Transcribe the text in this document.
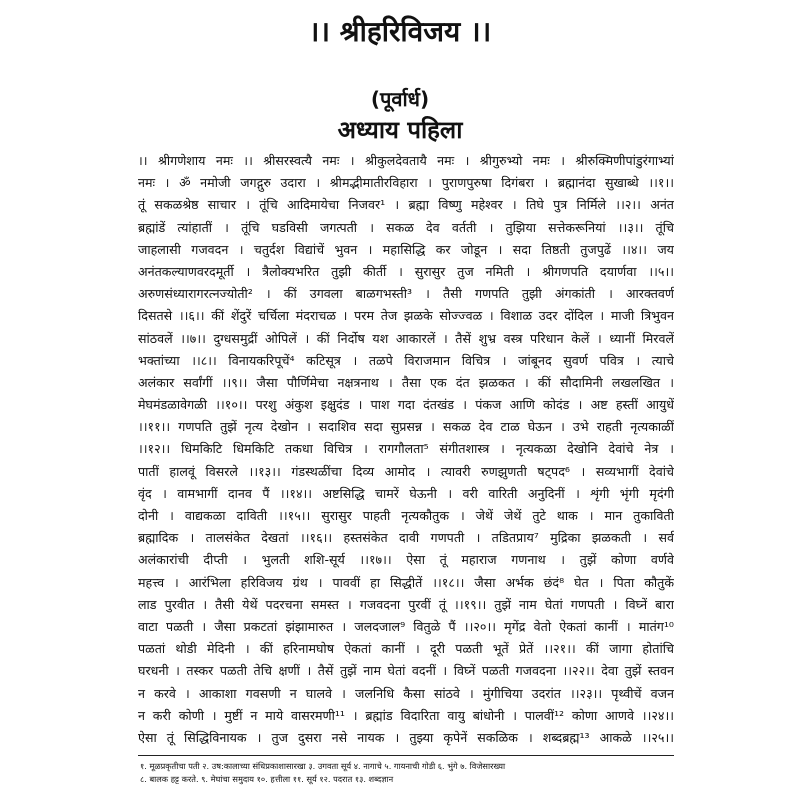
।। श्रीहरिविजय ।।
(पूर्वार्ध)
अध्याय पहिला
।। श्रीगणेशाय नमः ।। श्रीसरस्वत्यै नमः । श्रीकुलदेवतायै नमः । श्रीगुरुभ्यो नमः । श्रीरुक्मिणीपांडुरंगाभ्यां
नमः । ॐ नमोजी जगद्गुरु उदारा । श्रीमद्भीमातीरविहारा । पुराणपुरुषा दिगंबरा । ब्रह्मानंदा सुखाब्धे ।।१।।
तूं सकळश्रेष्ठ साचार । तूंचि आदिमायेचा निजवर¹ । ब्रह्मा विष्णु महेश्वर । तिघे पुत्र निर्मिले ।।२।। अनंत
ब्रह्मांडें त्यांहातीं । तूंचि घडविसी जगत्पती । सकळ देव वर्तती । तुझिया सत्तेकरूनियां ।।३।। तूंचि
जाहलासी गजवदन । चतुर्दश विद्यांचें भुवन । महासिद्धि कर जोडून । सदा तिष्ठती तुजपुढें ।।४।। जय
अनंतकल्याणवरदमूर्ती । त्रैलोक्यभरित तुझी कीर्ती । सुरासुर तुज नमिती । श्रीगणपति दयार्णवा ।।५।।
अरुणसंध्यारागरत्नज्योती² । कीं उगवला बाळगभस्ती³ । तैसी गणपति तुझी अंगकांती । आरक्तवर्ण
दिसतसे ।।६।। कीं शेंदुरें चर्चिला मंदराचळ । परम तेज झळके सोज्ज्वळ । विशाळ उदर दोंदिल । माजी त्रिभुवन
सांठवलें ।।७।। दुग्धसमुद्रीं ओपिलें । कीं निर्दोष यश आकारलें । तैसें शुभ्र वस्त्र परिधान केलें । ध्यानीं मिरवलें
भक्तांच्या ।।८।। विनायकरिपूचें⁴ कटिसूत्र । तळपे विराजमान विचित्र । जांबूनद सुवर्ण पवित्र । त्याचे
अलंकार सर्वांगीं ।।९।। जैसा पौर्णिमेचा नक्षत्रनाथ । तैसा एक दंत झळकत । कीं सौदामिनी लखलखित ।
मेघमंडळावेगळी ।।१०।। परशु अंकुश इक्षुदंड । पाश गदा दंतखंड । पंकज आणि कोदंड । अष्ट हस्तीं आयुधें
।।११।। गणपति तुझें नृत्य देखोन । सदाशिव सदा सुप्रसन्न । सकळ देव टाळ घेऊन । उभे राहती नृत्यकाळीं
।।१२।। धिमकिटि धिमकिटि तकधा विचित्र । रागगौलता⁵ संगीतशास्त्र । नृत्यकळा देखोनि देवांचे नेत्र ।
पातीं हालवूं विसरले ।।१३।। गंडस्थळींचा दिव्य आमोद । त्यावरी रुणझुणती षट्पद⁶ । सव्यभागीं देवांचे
वृंद । वामभागीं दानव पैं ।।१४।। अष्टसिद्धि चामरें घेऊनी । वरी वारिती अनुदिनीं । शृंगी भृंगी मृदंगी
दोनी । वाद्यकळा दाविती ।।१५।। सुरासुर पाहती नृत्यकौतुक । जेथें जेथें तुटे थाक । मान तुकाविती
ब्रह्मादिक । तालसंकेत देखतां ।।१६।। हस्तसंकेत दावी गणपती । तडितप्राय⁷ मुद्रिका झळकती । सर्व
अलंकारांची दीप्ती । भुलती शशि-सूर्य ।।१७।। ऐसा तूं महाराज गणनाथ । तुझें कोणा वर्णवे
महत्त्व । आरंभिला हरिविजय ग्रंथ । पाववीं हा सिद्धीतें ।।१८।। जैसा अर्भक छंदं⁸ घेत । पिता कौतुकें
लाड पुरवीत । तैसी येथें पदरचना समस्त । गजवदना पुरवीं तूं ।।१९।। तुझें नाम घेतां गणपती । विघ्नें बारा
वाटा पळती । जैसा प्रकटतां झंझामारुत । जलदजाल⁹ वितुळे पैं ।।२०।। मृगेंद्र वेतो ऐकतां कानीं । मातंग¹⁰
पळतां थोडी मेदिनी । कीं हरिनामघोष ऐकतां कानीं । दूरी पळती भूतें प्रेतें ।।२१।। कीं जागा होतांचि
घरधनी । तस्कर पळती तेचि क्षणीं । तैसें तुझें नाम घेतां वदनीं । विघ्नें पळती गजवदना ।।२२।। देवा तुझें स्तवन
न करवे । आकाशा गवसणी न घालवे । जलनिधि कैसा सांठवे । मुंगीचिया उदरांत ।।२३।। पृथ्वीचें वजन
न करी कोणी । मुष्टीं न माये वासरमणी¹¹ । ब्रह्मांड विदारिता वायु बांधोनी । पालवीं¹² कोणा आणवे ।।२४।।
ऐसा तूं सिद्धिविनायक । तुज दुसरा नसे नायक । तुझ्या कृपेनें सकळिक । शब्दब्रह्म¹³ आकळे ।।२५।।
१. मूळप्रकृतीचा पती २. उष:कालाच्या संधिप्रकाशासारखा ३. उगवता सूर्य ४. नागाचे ५. गायनाची गोडी ६. भुंगे ७. विजेसारख्या
८. बालक हट्ट करते. ९. मेघांचा समुदाय १०. हत्तीला ११. सूर्य १२. पदरात १३. शब्दज्ञान
